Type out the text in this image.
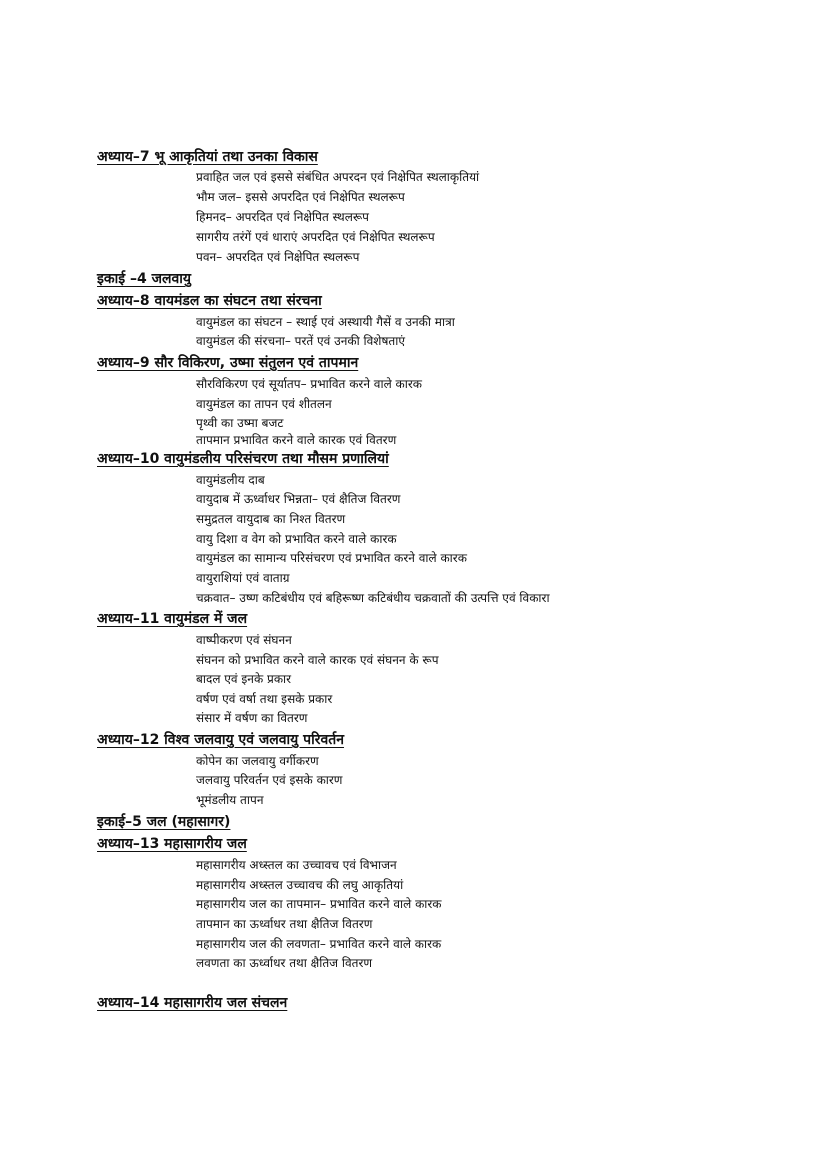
अध्याय–7 भू आकृतियां तथा उनका विकास
प्रवाहित जल एवं इससे संबंधित अपरदन एवं निक्षेपित स्थलाकृतियां
भौम जल– इससे अपरदित एवं निक्षेपित स्थलरूप
हिमनद– अपरदित एवं निक्षेपित स्थलरूप
सागरीय तरंगें एवं धाराएं अपरदित एवं निक्षेपित स्थलरूप
पवन– अपरदित एवं निक्षेपित स्थलरूप
इकाई –4 जलवायु
अध्याय–8 वायमंडल का संघटन तथा संरचना
वायुमंडल का संघटन – स्थाई एवं अस्थायी गैसें व उनकी मात्रा
वायुमंडल की संरचना– परतें एवं उनकी विशेषताएं
अध्याय–9 सौर विकिरण, उष्मा संतुलन एवं तापमान
सौरविकिरण एवं सूर्यातप– प्रभावित करने वाले कारक
वायुमंडल का तापन एवं शीतलन
पृथ्वी का उष्मा बजट
तापमान प्रभावित करने वाले कारक एवं वितरण
अध्याय–10 वायुमंडलीय परिसंचरण तथा मौसम प्रणालियां
वायुमंडलीय दाब
वायुदाब में ऊर्ध्वाधर भिन्नता– एवं क्षैतिज वितरण
समुद्रतल वायुदाब का निश्त वितरण
वायु दिशा व वेग को प्रभावित करने वाले कारक
वायुमंडल का सामान्य परिसंचरण एवं प्रभावित करने वाले कारक
वायुराशियां एवं वाताग्र
चक्रवात– उष्ण कटिबंधीय एवं बहिरूष्ण कटिबंधीय चक्रवातों की उत्पत्ति एवं विकारा
अध्याय–11 वायुमंडल में जल
वाष्पीकरण एवं संघनन
संघनन को प्रभावित करने वाले कारक एवं संघनन के रूप
बादल एवं इनके प्रकार
वर्षण एवं वर्षा तथा इसके प्रकार
संसार में वर्षण का वितरण
अध्याय–12 विश्व जलवायु एवं जलवायु परिवर्तन
कोपेन का जलवायु वर्गीकरण
जलवायु परिवर्तन एवं इसके कारण
भूमंडलीय तापन
इकाई–5 जल (महासागर)
अध्याय–13 महासागरीय जल
महासागरीय अध्स्तल का उच्चावच एवं विभाजन
महासागरीय अध्स्तल उच्चावच की लघु आकृतियां
महासागरीय जल का तापमान– प्रभावित करने वाले कारक
तापमान का ऊर्ध्वाधर तथा क्षैतिज वितरण
महासागरीय जल की लवणता– प्रभावित करने वाले कारक
लवणता का ऊर्ध्वाधर तथा क्षैतिज वितरण
अध्याय–14 महासागरीय जल संचलन
